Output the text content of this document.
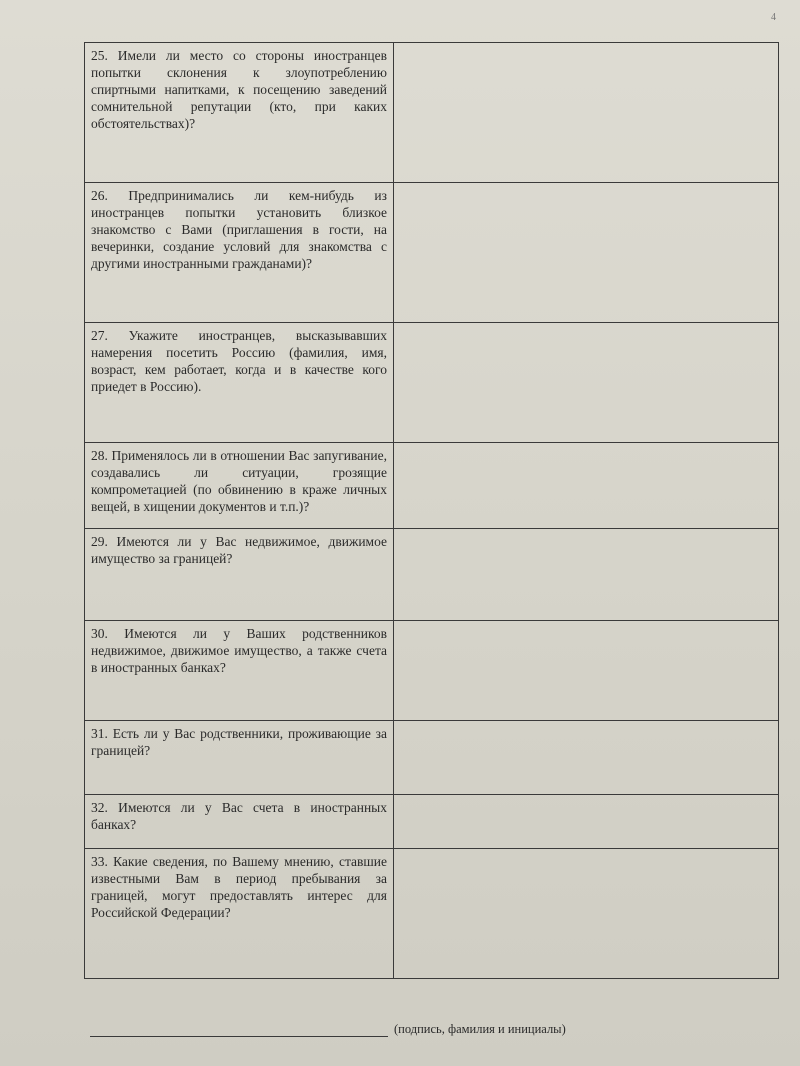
4
25. Имели ли место со стороны иностранцев попытки склонения к злоупотреблению спиртными напитками, к посещению заведений сомнительной репутации (кто, при каких обстоятельствах)?	
26. Предпринимались ли кем-нибудь из иностранцев попытки установить близкое знакомство с Вами (приглашения в гости, на вечеринки, создание условий для знакомства с другими иностранными гражданами)?	
27. Укажите иностранцев, высказывавших намерения посетить Россию (фамилия, имя, возраст, кем работает, когда и в качестве кого приедет в Россию).	
28. Применялось ли в отношении Вас запугивание, создавались ли ситуации, грозящие компрометацией (по обвинению в краже личных вещей, в хищении документов и т.п.)?	
29. Имеются ли у Вас недвижимое, движимое имущество за границей?	
30. Имеются ли у Ваших родственников недвижимое, движимое имущество, а также счета в иностранных банках?	
31. Есть ли у Вас родственники, проживающие за границей?	
32. Имеются ли у Вас счета в иностранных банках?	
33. Какие сведения, по Вашему мнению, ставшие известными Вам в период пребывания за границей, могут предоставлять интерес для Российской Федерации?	
(подпись, фамилия и инициалы)
